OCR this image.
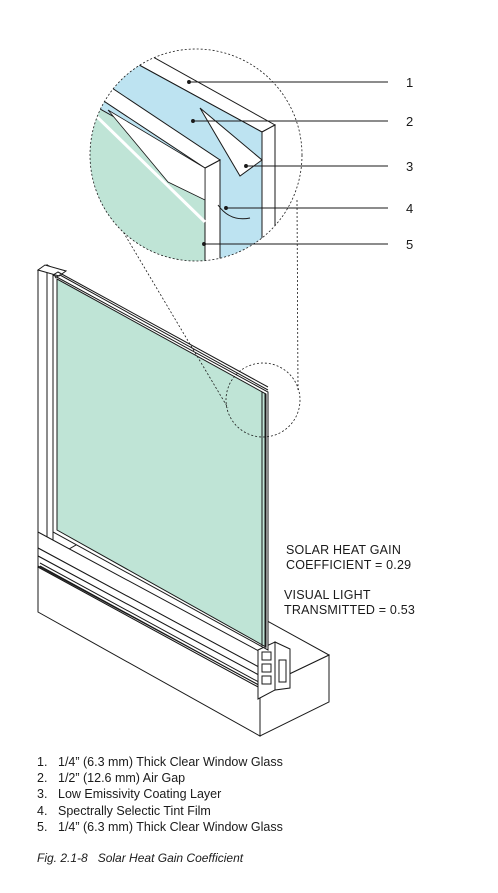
1
2
3
4
5
SOLAR HEAT GAIN
COEFFICIENT = 0.29
VISUAL LIGHT
TRANSMITTED = 0.53
1. 1/4” (6.3 mm) Thick Clear Window Glass
2. 1/2” (12.6 mm) Air Gap
3. Low Emissivity Coating Layer
4. Spectrally Selectic Tint Film
5. 1/4” (6.3 mm) Thick Clear Window Glass
Fig. 2.1-8 Solar Heat Gain Coefficient
